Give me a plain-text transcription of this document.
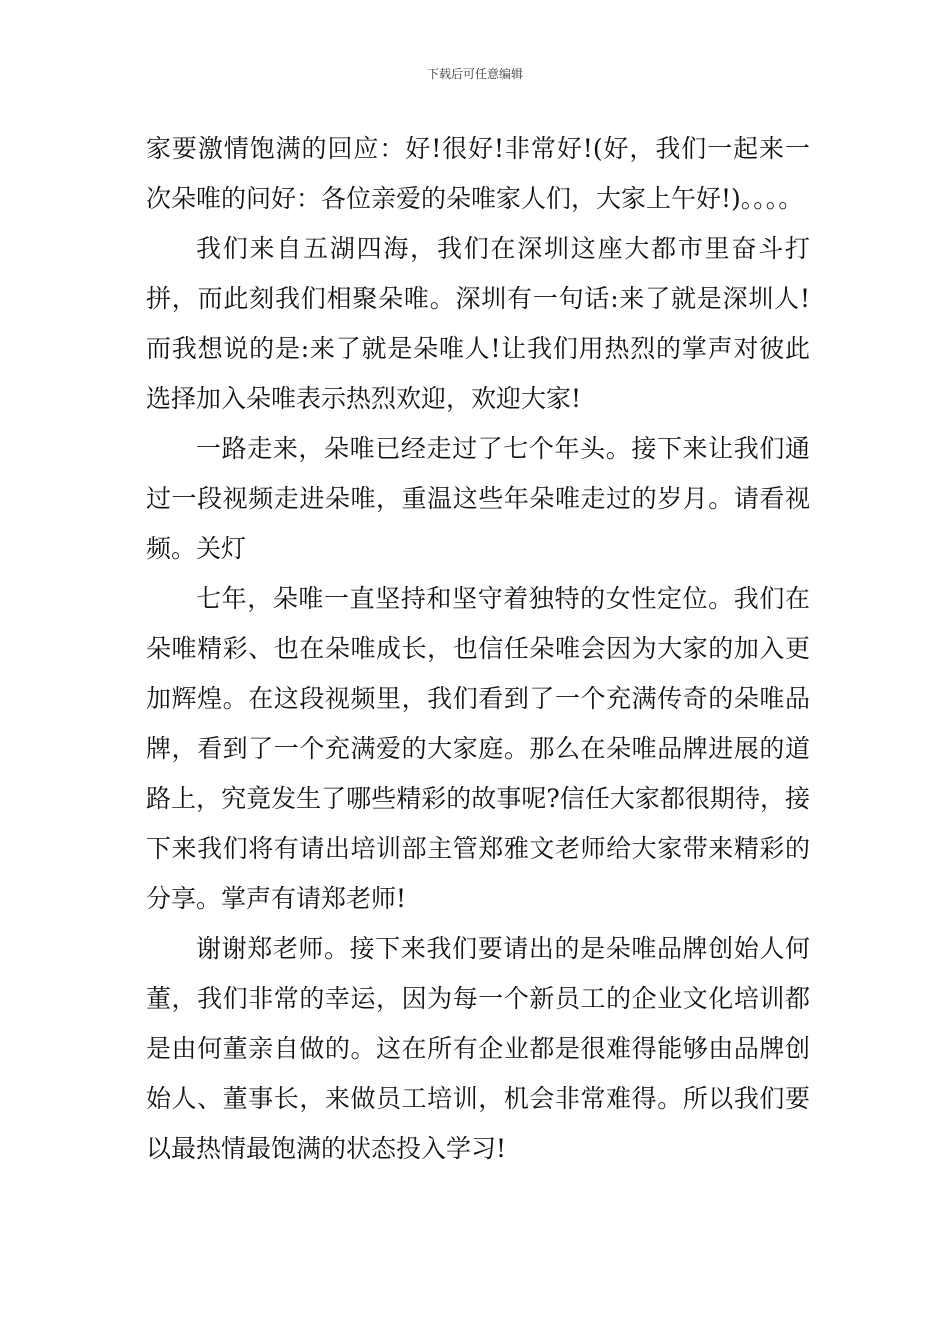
下载后可任意编辑

家要激情饱满的回应：好!很好!非常好!(好，我们一起来一次朵唯的问好：各位亲爱的朵唯家人们，大家上午好!)。。。。

我们来自五湖四海，我们在深圳这座大都市里奋斗打拼，而此刻我们相聚朵唯。深圳有一句话:来了就是深圳人!而我想说的是:来了就是朵唯人!让我们用热烈的掌声对彼此选择加入朵唯表示热烈欢迎，欢迎大家!

一路走来，朵唯已经走过了七个年头。接下来让我们通过一段视频走进朵唯，重温这些年朵唯走过的岁月。请看视频。关灯

七年，朵唯一直坚持和坚守着独特的女性定位。我们在朵唯精彩、也在朵唯成长，也信任朵唯会因为大家的加入更加辉煌。在这段视频里，我们看到了一个充满传奇的朵唯品牌，看到了一个充满爱的大家庭。那么在朵唯品牌进展的道路上，究竟发生了哪些精彩的故事呢?信任大家都很期待，接下来我们将有请出培训部主管郑雅文老师给大家带来精彩的分享。掌声有请郑老师!

谢谢郑老师。接下来我们要请出的是朵唯品牌创始人何董，我们非常的幸运，因为每一个新员工的企业文化培训都是由何董亲自做的。这在所有企业都是很难得能够由品牌创始人、董事长，来做员工培训，机会非常难得。所以我们要以最热情最饱满的状态投入学习!
